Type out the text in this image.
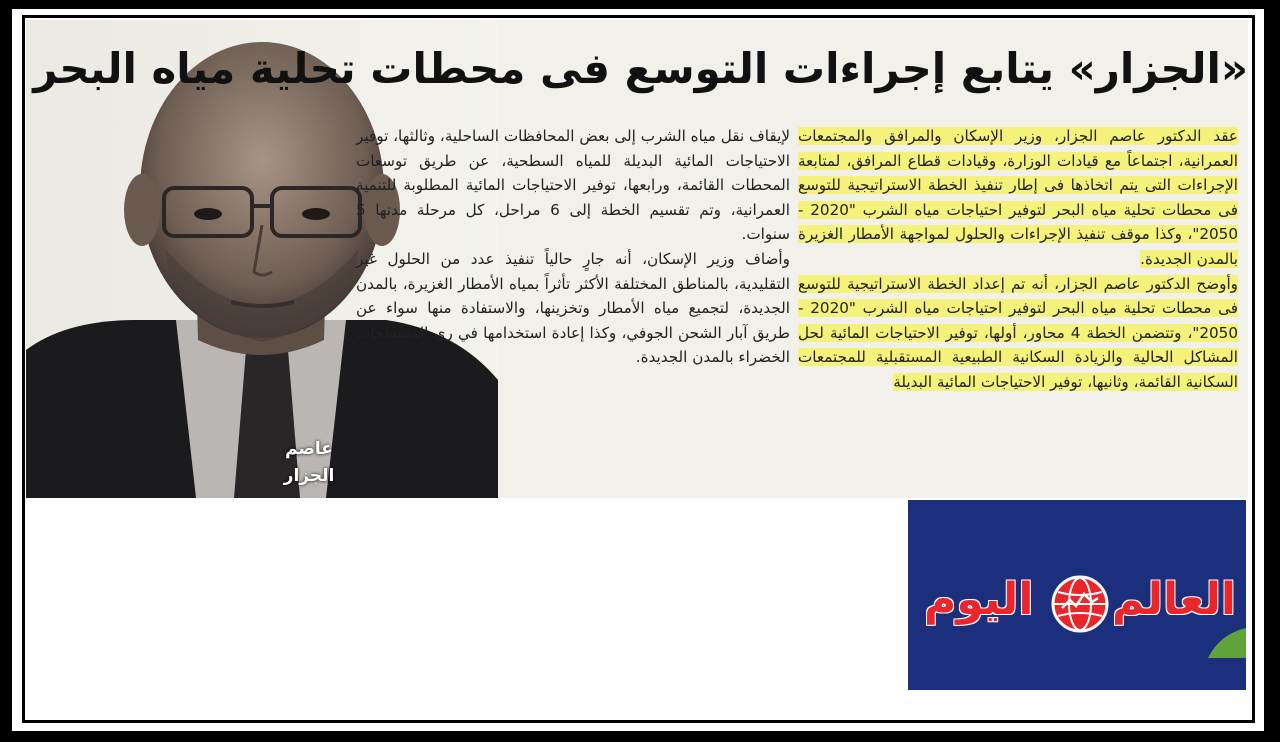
عاصم
الجزار
«الجزار» يتابع إجراءات التوسع فى محطات تحلية مياه البحر

عقد الدكتور عاصم الجزار، وزير الإسكان والمرافق والمجتمعات العمرانية، اجتماعاً مع قيادات الوزارة، وقيادات قطاع المرافق، لمتابعة الإجراءات التى يتم اتخاذها فى إطار تنفيذ الخطة الاستراتيجية للتوسع فى محطات تحلية مياه البحر لتوفير احتياجات مياه الشرب "2020 - 2050"، وكذا موقف تنفيذ الإجراءات والحلول لمواجهة الأمطار الغزيرة بالمدن الجديدة.

وأوضح الدكتور عاصم الجزار، أنه تم إعداد الخطة الاستراتيجية للتوسع فى محطات تحلية مياه البحر لتوفير احتياجات مياه الشرب "2020 - 2050"، وتتضمن الخطة 4 محاور، أولها، توفير الاحتياجات المائية لحل المشاكل الحالية والزيادة السكانية الطبيعية المستقبلية للمجتمعات السكانية القائمة، وثانيها، توفير الاحتياجات المائية البديلة

لإيقاف نقل مياه الشرب إلى بعض المحافظات الساحلية، وثالثها، توفير الاحتياجات المائية البديلة للمياه السطحية، عن طريق توسعات المحطات القائمة، ورابعها، توفير الاحتياجات المائية المطلوبة للتنمية العمرانية، وتم تقسيم الخطة إلى 6 مراحل، كل مرحلة مدتها 5 سنوات.

وأضاف وزير الإسكان، أنه جارٍ حالياً تنفيذ عدد من الحلول غير التقليدية، بالمناطق المختلفة الأكثر تأثراً بمياه الأمطار الغزيرة، بالمدن الجديدة، لتجميع مياه الأمطار وتخزينها، والاستفادة منها سواء عن طريق آبار الشحن الجوفي، وكذا إعادة استخدامها في ري المسطحات الخضراء بالمدن الجديدة.

العالم
اليوم
